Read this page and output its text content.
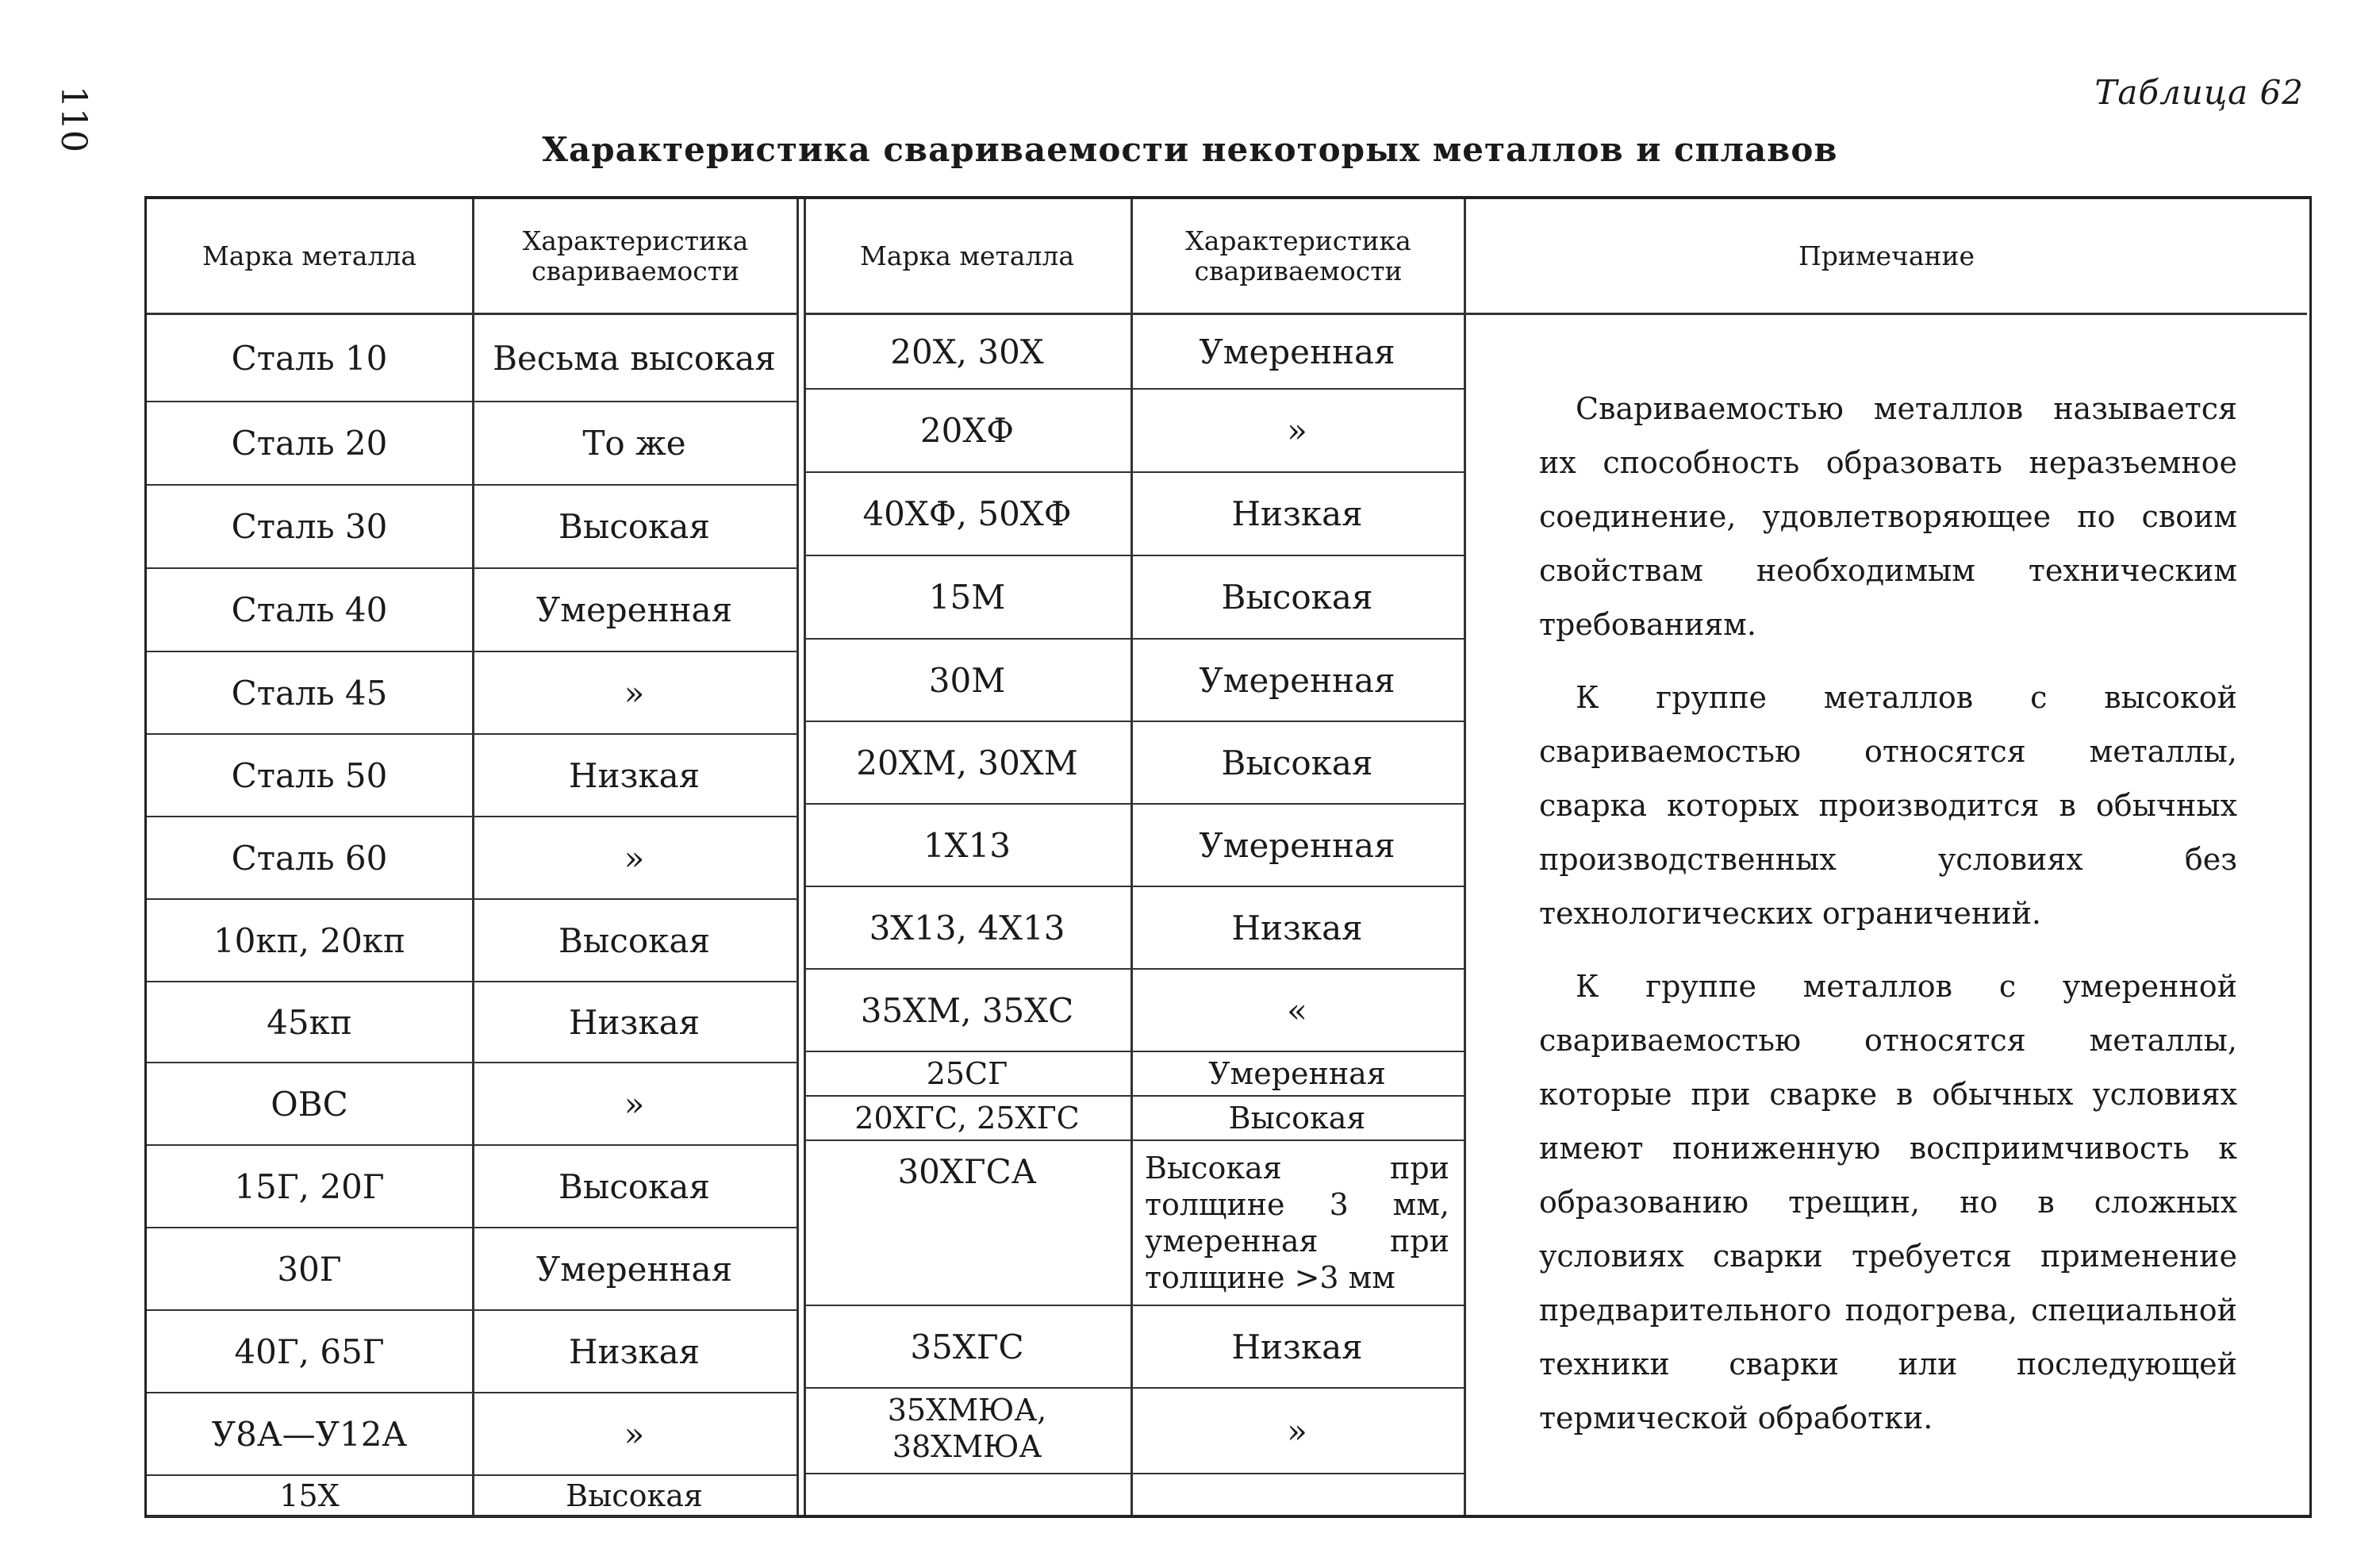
110	Таблица 62
Характеристика свариваемости некоторых металлов и сплавов
Марка металла	Характеристика свариваемости	Марка металла	Характеристика свариваемости	Примечание
Сталь 10	Весьма высокая
Сталь 20	То же
Сталь 30	Высокая
Сталь 40	Умеренная
Сталь 45	»
Сталь 50	Низкая
Сталь 60	»
10кп, 20кп	Высокая
45кп	Низкая
ОВС	»
15Г, 20Г	Высокая
30Г	Умеренная
40Г, 65Г	Низкая
У8А—У12А	»
15Х	Высокая
20Х, 30Х	Умеренная
20ХФ	»
40ХФ, 50ХФ	Низкая
15М	Высокая
30М	Умеренная
20ХМ, 30ХМ	Высокая
1Х13	Умеренная
3Х13, 4Х13	Низкая
35ХМ, 35ХС	«
25СГ	Умеренная
20ХГС, 25ХГС	Высокая
30ХГСА	Высокая при толщине 3 мм, умеренная при толщине >3 мм
35ХГС	Низкая
35ХМЮА, 38ХМЮА	»

Свариваемостью металлов называется их способность образовать неразъемное соединение, удовлетворяющее по своим свойствам необходимым техническим требованиям.

К группе металлов с высокой свариваемостью относятся металлы, сварка которых производится в обычных производственных условиях без технологических ограничений.

К группе металлов с умеренной свариваемостью относятся металлы, которые при сварке в обычных условиях имеют пониженную восприимчивость к образованию трещин, но в сложных условиях сварки требуется применение предварительного подогрева, специальной техники сварки или последующей термической обработки.
